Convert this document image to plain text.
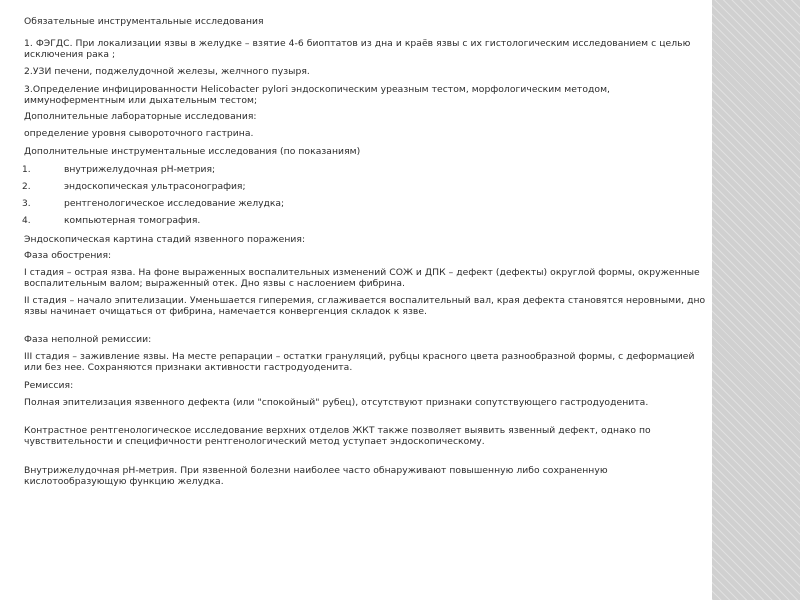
Обязательные инструментальные исследования
1. ФЭГДС. При локализации язвы в желудке – взятие 4-6 биоптатов из дна и краёв язвы с их гистологическим исследованием с целью исключения рака ;
2.УЗИ печени, поджелудочной железы, желчного пузыря.
3.Определение инфицированности Helicobacter pylori эндоскопическим уреазным тестом, морфологическим методом, иммуноферментным или дыхательным тестом;
Дополнительные лабораторные исследования:
определение уровня сывороточного гастрина.
Дополнительные инструментальные исследования (по показаниям)
1.	внутрижелудочная рН-метрия;
2.	эндоскопическая ультрасонография;
3.	рентгенологическое исследование желудка;
4.	компьютерная томография.
Эндоскопическая картина стадий язвенного поражения:
Фаза обострения:
I стадия – острая язва. На фоне выраженных воспалительных изменений СОЖ и ДПК – дефект (дефекты) округлой формы, окруженные воспалительным валом; выраженный отек. Дно язвы с наслоением фибрина.
II стадия – начало эпителизации. Уменьшается гиперемия, сглаживается воспалительный вал, края дефекта становятся неровными, дно язвы начинает очищаться от фибрина, намечается конвергенция складок к язве.
Фаза неполной ремиссии:
III стадия – заживление язвы. На месте репарации – остатки грануляций, рубцы красного цвета разнообразной формы, с деформацией или без нее. Сохраняются признаки активности гастродуоденита.
Ремиссия:
Полная эпителизация язвенного дефекта (или "спокойный" рубец), отсутствуют признаки сопутствующего гастродуоденита.
Контрастное рентгенологическое исследование верхних отделов ЖКТ также позволяет выявить язвенный дефект, однако по чувствительности и специфичности рентгенологический метод уступает эндоскопическому.
Внутрижелудочная рН-метрия. При язвенной болезни наиболее часто обнаруживают повышенную либо сохраненную кислотообразующую функцию желудка.
